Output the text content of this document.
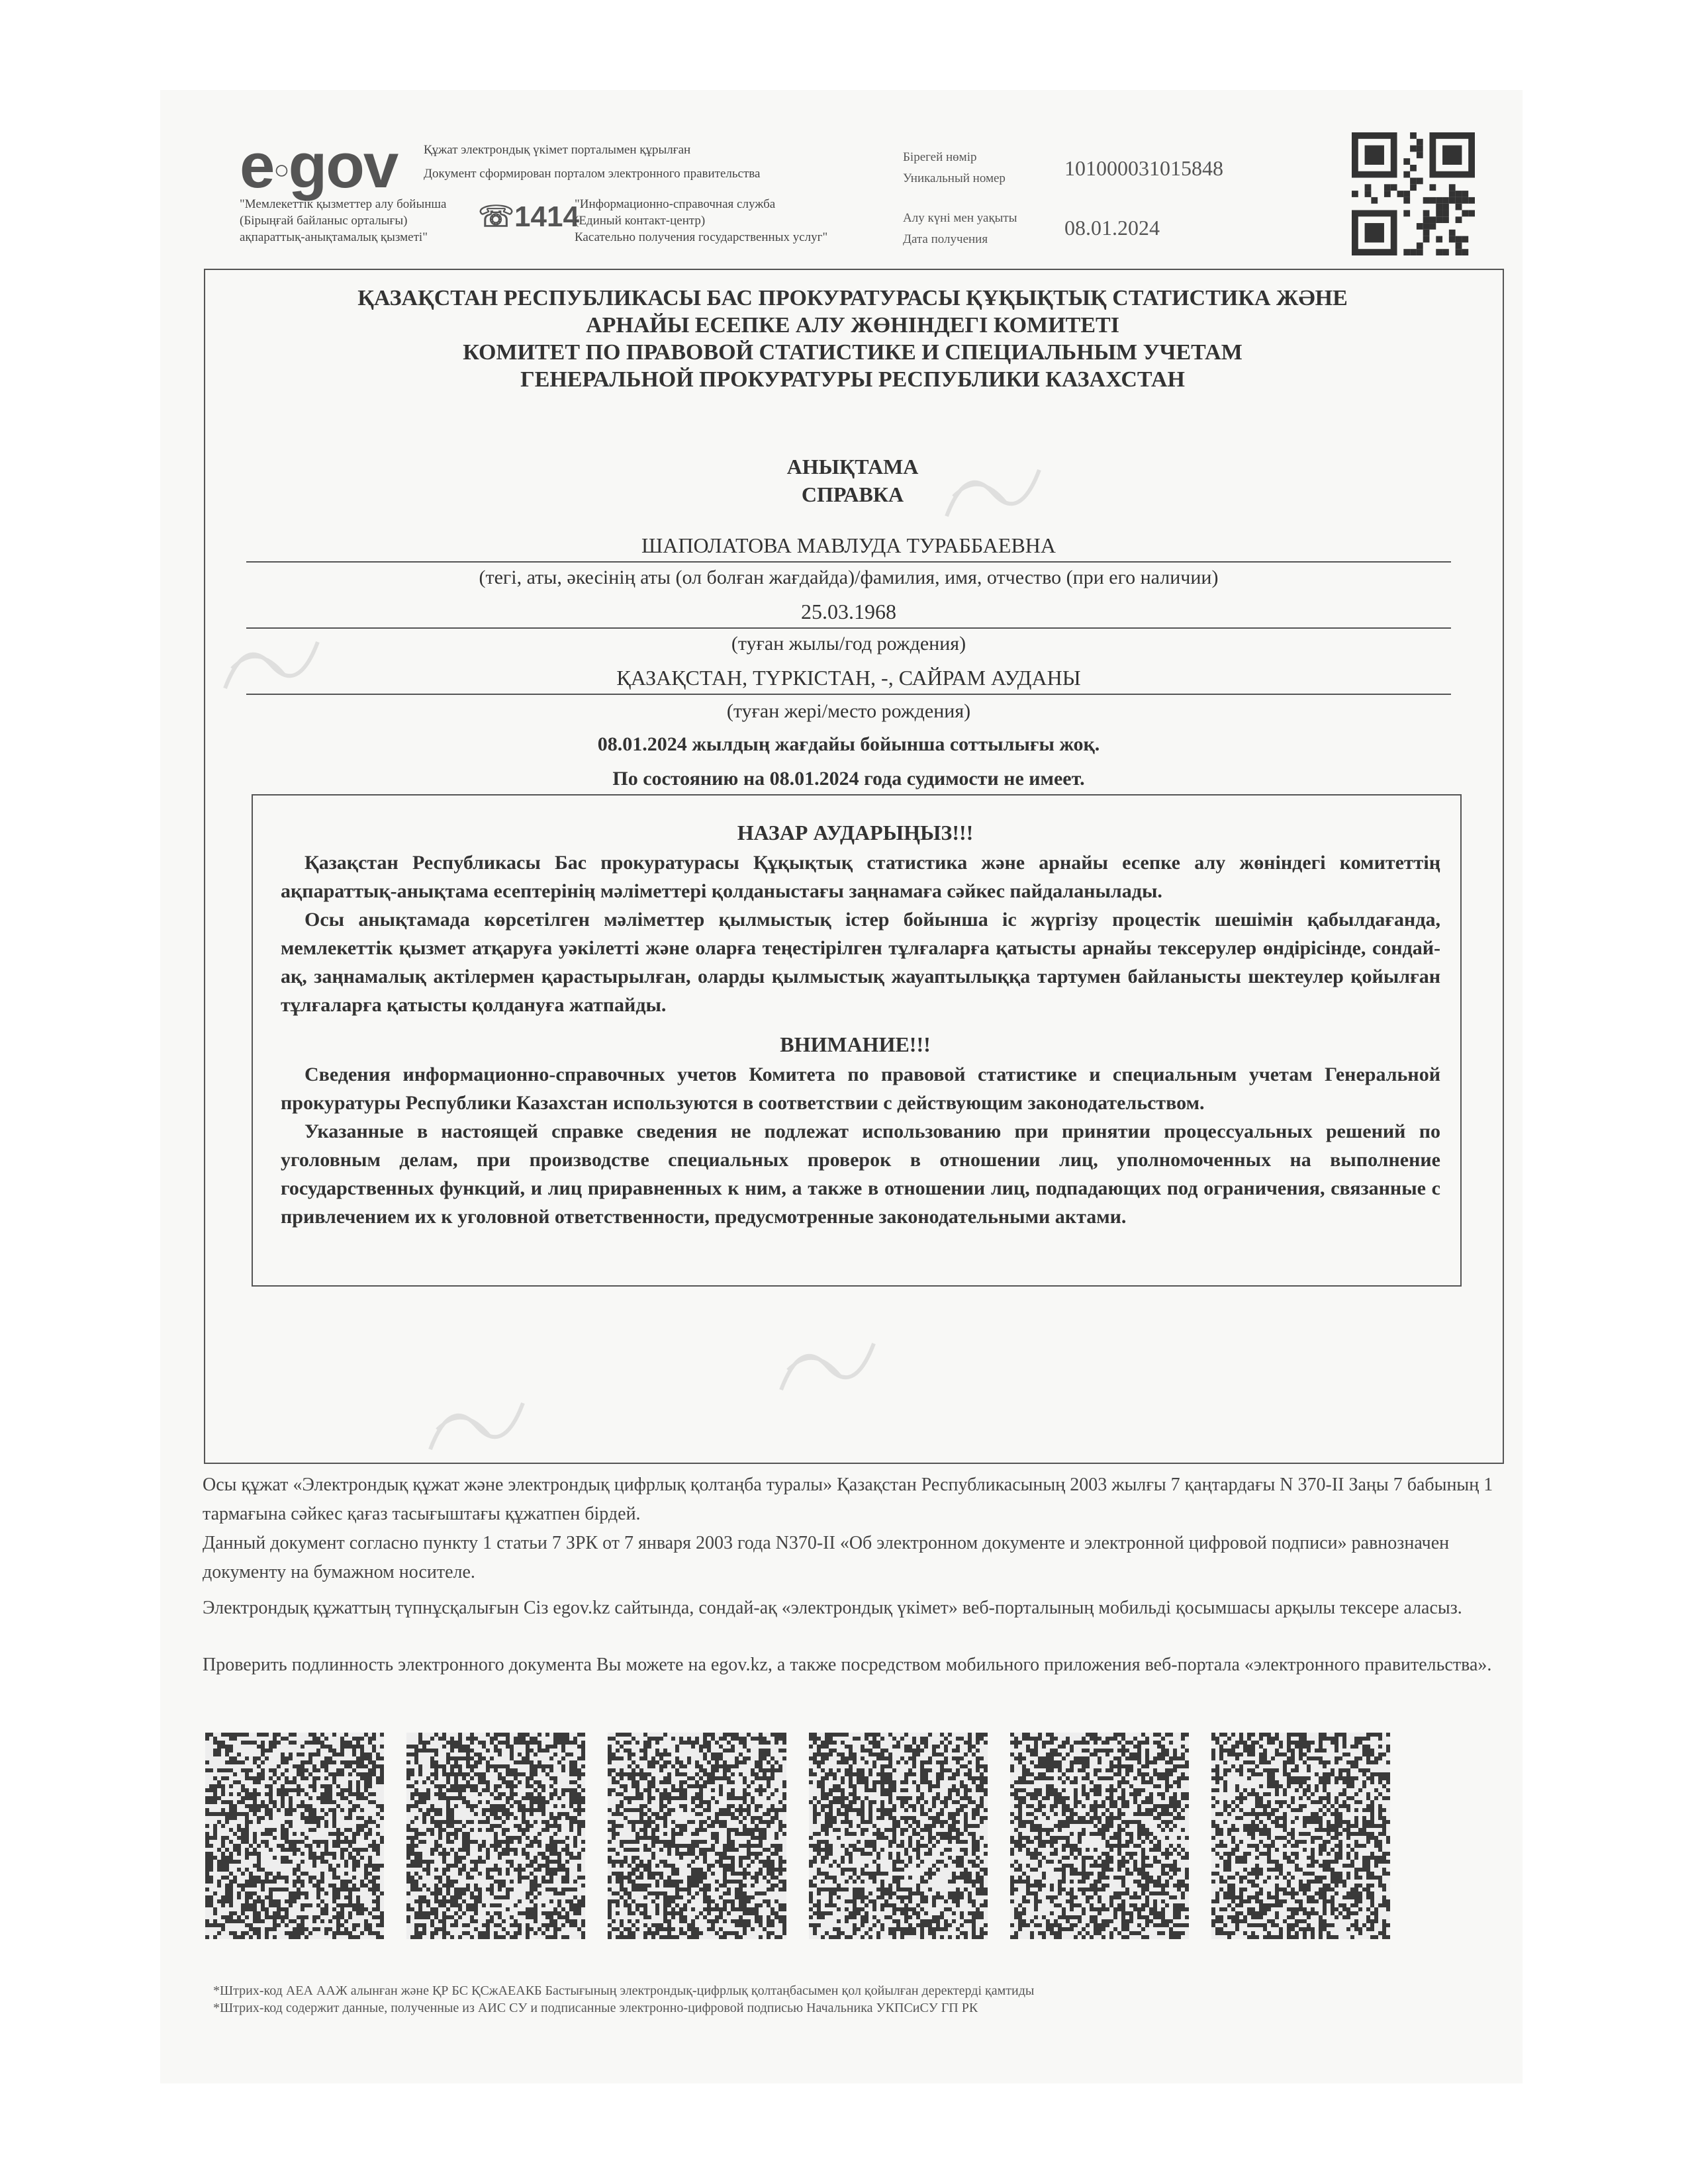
e○gov Құжат электрондық үкімет порталымен құрылған
Документ сформирован порталом электронного правительства
"Мемлекеттік қызметтер алу бойынша
(Бірыңғай байланыс орталығы)
ақпараттық-анықтамалық қызметі"
☏1414
"Информационно-справочная служба
(Единый контакт-центр)
Касательно получения государственных услуг"
Бірегей нөмір
Уникальный номер	10100003101584​8
Алу күні мен уақыты
Дата получения	08.01.2024
ҚАЗАҚСТАН РЕСПУБЛИКАСЫ БАС ПРОКУРАТУРАСЫ ҚҰҚЫҚТЫҚ СТАТИСТИКА ЖӘНЕ
АРНАЙЫ ЕСЕПКЕ АЛУ ЖӨНІНДЕГІ КОМИТЕТІ
КОМИТЕТ ПО ПРАВОВОЙ СТАТИСТИКЕ И СПЕЦИАЛЬНЫМ УЧЕТАМ
ГЕНЕРАЛЬНОЙ ПРОКУРАТУРЫ РЕСПУБЛИКИ КАЗАХСТАН
АНЫҚТАМА
СПРАВКА
ШАПОЛАТОВА МАВЛУДА ТУРАББАЕВНА
(тегі, аты, әкесінің аты (ол болған жағдайда)/фамилия, имя, отчество (при его наличии)
25.03.1968
(туған жылы/год рождения)
ҚАЗАҚСТАН, ТҮРКІСТАН, -, САЙРАМ АУДАНЫ
(туған жері/место рождения)
08.01.2024 жылдың жағдайы бойынша соттылығы жоқ.
По состоянию на 08.01.2024 года судимости не имеет.
НАЗАР АУДАРЫҢЫЗ!!!
Қазақстан Республикасы Бас прокуратурасы Құқықтық статистика және арнайы есепке алу жөніндегі комитеттің ақпараттық-анықтама есептерінің мәліметтері қолданыстағы заңнамаға сәйкес пайдаланылады.
Осы анықтамада көрсетілген мәліметтер қылмыстық істер бойынша іс жүргізу процестік шешімін қабылдағанда, мемлекеттік қызмет атқаруға уәкілетті және оларға теңестірілген тұлғаларға қатысты арнайы тексерулер өндірісінде, сондай-ақ, заңнамалық актілермен қарастырылған, оларды қылмыстық жауаптылыққа тартумен байланысты шектеулер қойылған тұлғаларға қатысты қолдануға жатпайды.
ВНИМАНИЕ!!!
Сведения информационно-справочных учетов Комитета по правовой статистике и специальным учетам Генеральной прокуратуры Республики Казахстан используются в соответствии с действующим законодательством.
Указанные в настоящей справке сведения не подлежат использованию при принятии процессуальных решений по уголовным делам, при производстве специальных проверок в отношении лиц, уполномоченных на выполнение государственных функций, и лиц приравненных к ним, а также в отношении лиц, подпадающих под ограничения, связанные с привлечением их к уголовной ответственности, предусмотренные законодательными актами.
Осы құжат «Электрондық құжат және электрондық цифрлық қолтаңба туралы» Қазақстан Республикасының 2003 жылғы 7 қаңтардағы N 370-II Заңы 7 бабының 1 тармағына сәйкес қағаз тасығыштағы құжатпен бірдей.
Данный документ согласно пункту 1 статьи 7 ЗРК от 7 января 2003 года N370-II «Об электронном документе и электронной цифровой подписи» равнозначен документу на бумажном носителе.
Электрондық құжаттың түпнұсқалығын Сіз egov.kz сайтында, сондай-ақ «электрондық үкімет» веб-порталының мобильді қосымшасы арқылы тексере аласыз.
Проверить подлинность электронного документа Вы можете на egov.kz, а также посредством мобильного приложения веб-портала «электронного правительства».
*Штрих-код АЕА ААЖ алынған және ҚР БС ҚСжАЕАКБ Бастығының электрондық-цифрлық қолтаңбасымен қол қойылған деректерді қамтиды
*Штрих-код содержит данные, полученные из АИС СУ и подписанные электронно-цифровой подписью Начальника УКПСиСУ ГП РК
